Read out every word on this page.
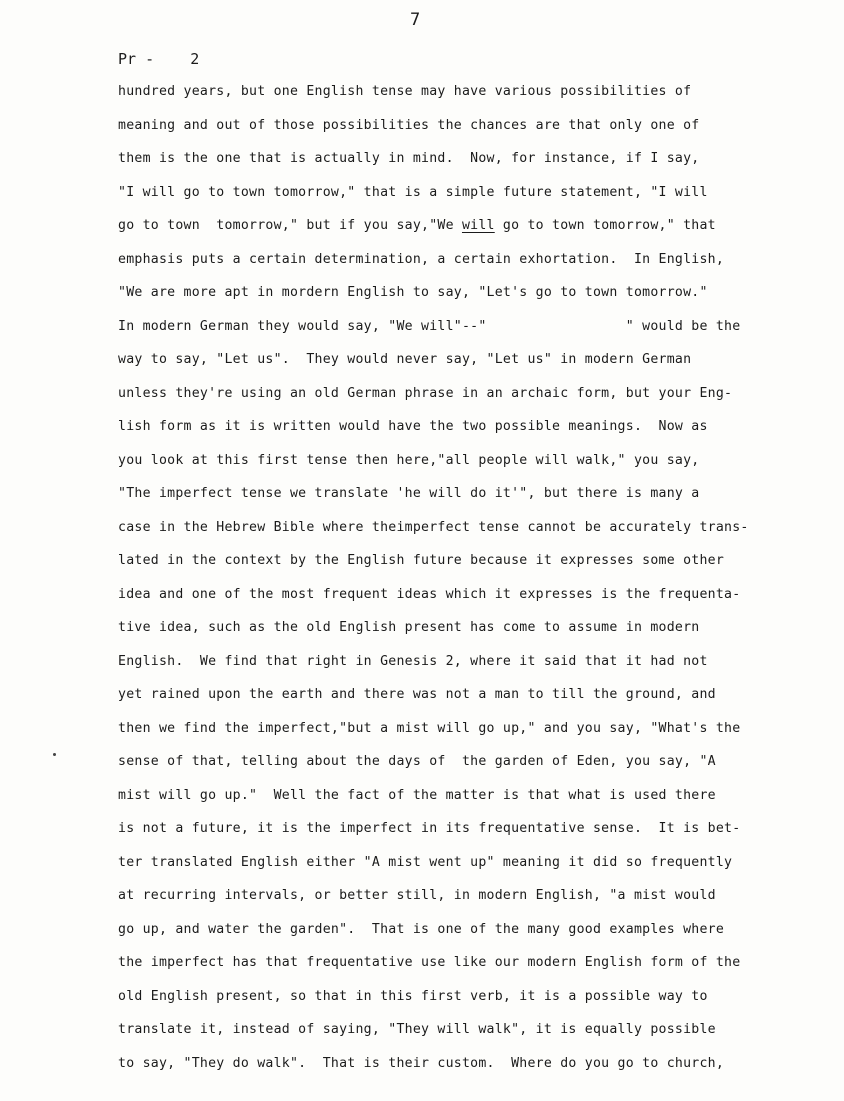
7
Pr -    2
hundred years, but one English tense may have various possibilities of
meaning and out of those possibilities the chances are that only one of
them is the one that is actually in mind.  Now, for instance, if I say,
"I will go to town tomorrow," that is a simple future statement, "I will
go to town  tomorrow," but if you say,"We will go to town tomorrow," that
emphasis puts a certain determination, a certain exhortation.  In English,
"We are more apt in mordern English to say, "Let's go to town tomorrow."
In modern German they would say, "We will"--"                 " would be the
way to say, "Let us".  They would never say, "Let us" in modern German
unless they're using an old German phrase in an archaic form, but your Eng-
lish form as it is written would have the two possible meanings.  Now as
you look at this first tense then here,"all people will walk," you say,
"The imperfect tense we translate 'he will do it'", but there is many a
case in the Hebrew Bible where theimperfect tense cannot be accurately trans-
lated in the context by the English future because it expresses some other
idea and one of the most frequent ideas which it expresses is the frequenta-
tive idea, such as the old English present has come to assume in modern
English.  We find that right in Genesis 2, where it said that it had not
yet rained upon the earth and there was not a man to till the ground, and
then we find the imperfect,"but a mist will go up," and you say, "What's the
sense of that, telling about the days of  the garden of Eden, you say, "A
mist will go up."  Well the fact of the matter is that what is used there
is not a future, it is the imperfect in its frequentative sense.  It is bet-
ter translated English either "A mist went up" meaning it did so frequently
at recurring intervals, or better still, in modern English, "a mist would
go up, and water the garden".  That is one of the many good examples where
the imperfect has that frequentative use like our modern English form of the
old English present, so that in this first verb, it is a possible way to
translate it, instead of saying, "They will walk", it is equally possible
to say, "They do walk".  That is their custom.  Where do you go to church,
